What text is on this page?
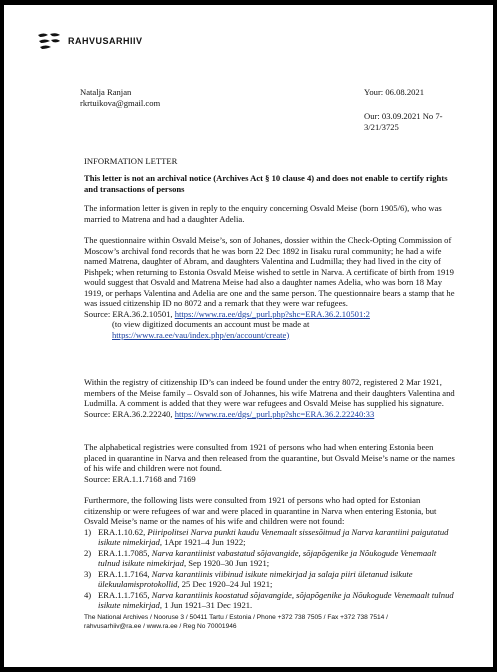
RAHVUSARHIIV
Natalja Ranjan
rkrtuikova@gmail.com
Your: 06.08.2021
Our: 03.09.2021 No 7-
3/21/3725
INFORMATION LETTER
This letter is not an archival notice (Archives Act § 10 clause 4) and does not enable to certify rights and transactions of persons
The information letter is given in reply to the enquiry concerning Osvald Meise (born 1905/6), who was married to Matrena and had a daughter Adelia.
The questionnaire within Osvald Meise’s, son of Johanes, dossier within the Check-Opting Commission of Moscow’s archival fond records that he was born 22 Dec 1892 in Iisaku rural community; he had a wife named Matrena, daughter of Abram, and daughters Valentina and Ludmilla; they had lived in the city of Pishpek; when returning to Estonia Osvald Meise wished to settle in Narva. A certificate of birth from 1919 would suggest that Osvald and Matrena Meise had also a daughter names Adelia, who was born 18 May 1919, or perhaps Valentina and Adelia are one and the same person. The questionnaire bears a stamp that he was issued citizenship ID no 8072 and a remark that they were war refugees.
Source: ERA.36.2.10501, https://www.ra.ee/dgs/_purl.php?shc=ERA.36.2.10501:2
(to view digitized documents an account must be made at
https://www.ra.ee/vau/index.php/en/account/create)
Within the registry of citizenship ID’s can indeed be found under the entry 8072, registered 2 Mar 1921, members of the Meise family – Osvald son of Johannes, his wife Matrena and their daughters Valentina and Ludmilla. A comment is added that they were war refugees and Osvald Meise has supplied his signature.
Source: ERA.36.2.22240, https://www.ra.ee/dgs/_purl.php?shc=ERA.36.2.22240:33
The alphabetical registries were consulted from 1921 of persons who had when entering Estonia been placed in quarantine in Narva and then released from the quarantine, but Osvald Meise’s name or the names of his wife and children were not found.
Source: ERA.1.1.7168 and 7169
Furthermore, the following lists were consulted from 1921 of persons who had opted for Estonian citizenship or were refugees of war and were placed in quarantine in Narva when entering Estonia, but Osvald Meise’s name or the names of his wife and children were not found:
1) ERA.1.10.62, Piiripolitsei Narva punkti kaudu Venemaalt sissesõitnud ja Narva karantiini paigutatud isikute nimekirjad, 1Apr 1921–4 Jun 1922;
2) ERA.1.1.7085, Narva karantiinist vabastatud sõjavangide, sõjapõgenike ja Nõukogude Venemaalt tulnud isikute nimekirjad, Sep 1920–30 Jun 1921;
3) ERA.1.1.7164, Narva karantiinis viibinud isikute nimekirjad ja salaja piiri ületanud isikute ülekuulamisprotokollid, 25 Dec 1920–24 Jul 1921;
4) ERA.1.1.7165, Narva karantiinis koostatud sõjavangide, sõjapõgenike ja Nõukogude Venemaalt tulnud isikute nimekirjad, 1 Jun 1921–31 Dec 1921.
The National Archives / Nooruse 3 / 50411 Tartu / Estonia / Phone +372 738 7505 / Fax +372 738 7514 /
rahvusarhiiv@ra.ee / www.ra.ee / Reg No 70001946
